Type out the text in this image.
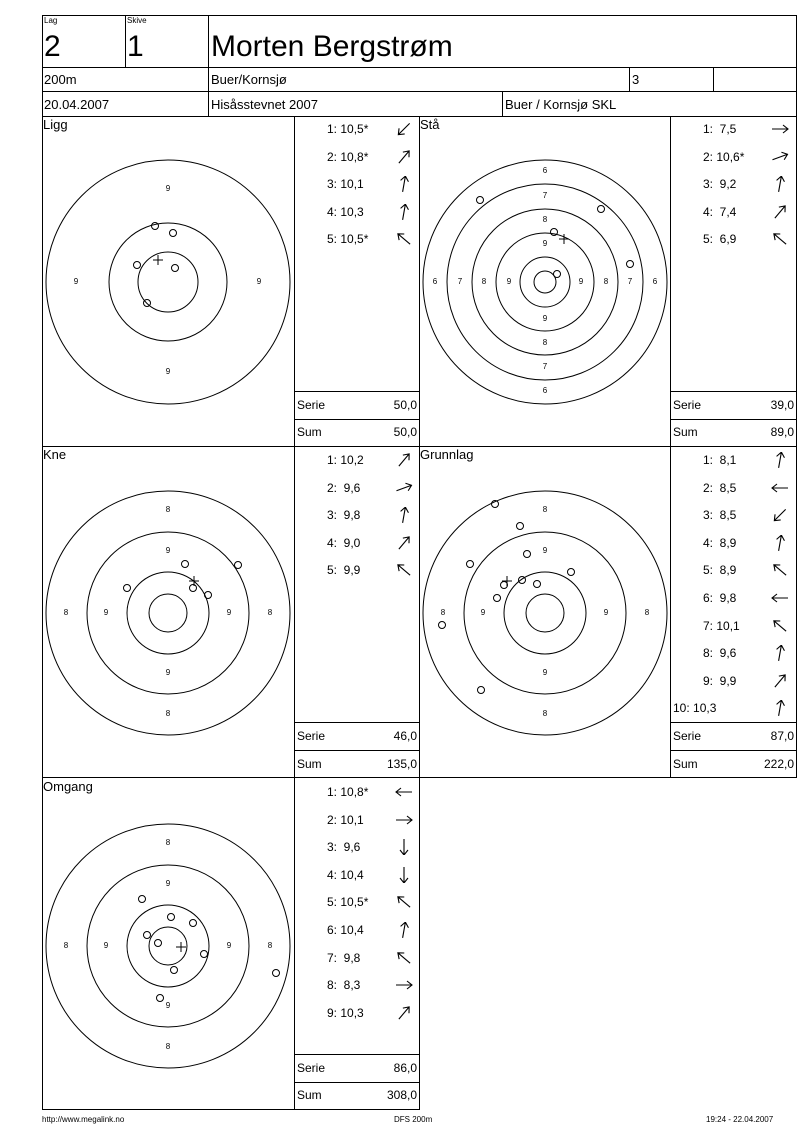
Lag
2
Skive
1 Morten Bergstrøm
200m	Buer/Kornsjø	3
20.04.2007	Hisåsstevnet 2007	Buer / Kornsjø SKL
Ligg	Stå
Kne	Grunnlag
Omgang
9
9	9
9
6
7
8
9
9
8
7
6
6	7 8	9	9	8 7	6
8
9
9
8
8	9	9	8
8
9
9
8
8	9	9	8
8
9
9
8
8	9	9	8
1: 10,5*
2: 10,8*
3: 10,1
4: 10,3
5: 10,5*
1:  7,5
2: 10,6*
3:  9,2
4:  7,4
5:  6,9
1: 10,2
2:  9,6
3:  9,8
4:  9,0
5:  9,9
1:  8,1
2:  8,5
3:  8,5
4:  8,9
5:  8,9
6:  9,8
7: 10,1
8:  9,6
9:  9,9
10: 10,3
1: 10,8*
2: 10,1
3:  9,6
4: 10,4
5: 10,5*
6: 10,4
7:  9,8
8:  8,3
9: 10,3
Serie	50,0
Sum	50,0
Serie	39,0
Sum	89,0
Serie	46,0
Sum	135,0
Serie	87,0
Sum	222,0
Serie	86,0
Sum	308,0
http://www.megalink.no	DFS 200m	19:24 - 22.04.2007
